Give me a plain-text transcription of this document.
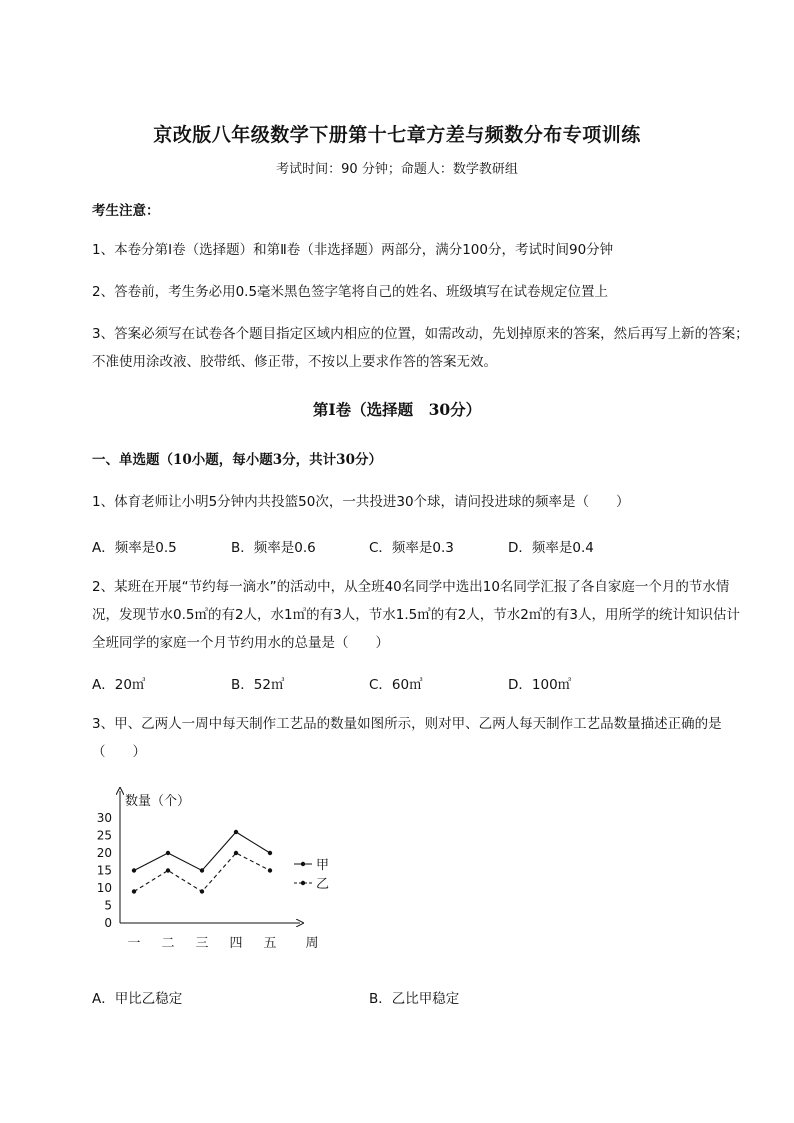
京改版八年级数学下册第十七章方差与频数分布专项训练
考试时间：90 分钟；命题人：数学教研组
考生注意：
1、本卷分第Ⅰ卷（选择题）和第Ⅱ卷（非选择题）两部分，满分100分，考试时间90分钟
2、答卷前，考生务必用0.5毫米黑色签字笔将自己的姓名、班级填写在试卷规定位置上
3、答案必须写在试卷各个题目指定区域内相应的位置，如需改动，先划掉原来的答案，然后再写上新的答案；不准使用涂改液、胶带纸、修正带，不按以上要求作答的答案无效。
第Ⅰ卷（选择题　30分）
一、单选题（10小题，每小题3分，共计30分）
1、体育老师让小明5分钟内共投篮50次，一共投进30个球，请问投进球的频率是（　　）
A．频率是0.5	B．频率是0.6	C．频率是0.3	D．频率是0.4
2、某班在开展“节约每一滴水”的活动中，从全班40名同学中选出10名同学汇报了各自家庭一个月的节水情况，发现节水0.5㎥的有2人，水1㎥的有3人，节水1.5㎥的有2人，节水2㎥的有3人，用所学的统计知识估计全班同学的家庭一个月节约用水的总量是（　　）
A．20㎥	B．52㎥	C．60㎥	D．100㎥
3、甲、乙两人一周中每天制作工艺品的数量如图所示，则对甲、乙两人每天制作工艺品数量描述正确的是（　　）
数量（个）
0
5
10
15
20
25
30
一 二 三 四 五 周
甲
乙
A．甲比乙稳定	B．乙比甲稳定
